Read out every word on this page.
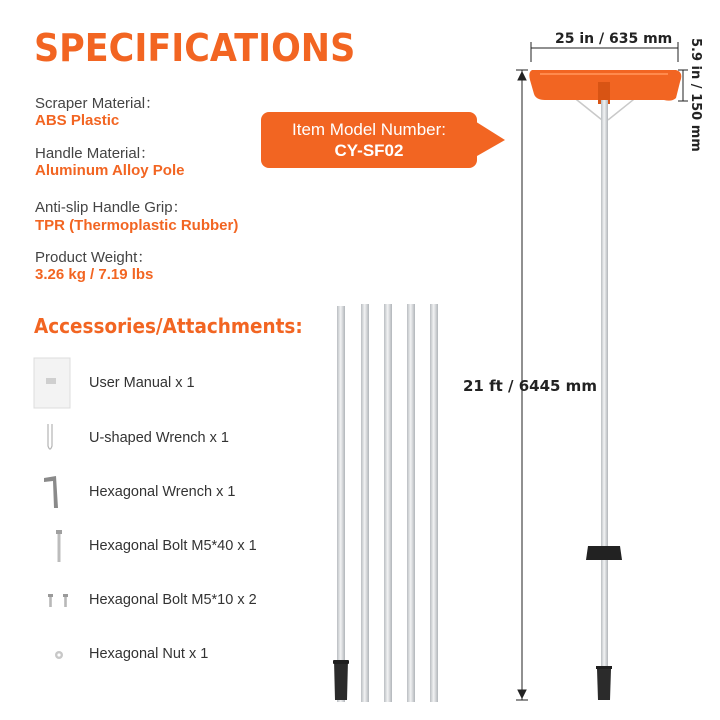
SPECIFICATIONS
Scraper Material：
ABS Plastic
Handle Material：
Aluminum Alloy Pole
Anti-slip Handle Grip：
TPR (Thermoplastic Rubber)
Product Weight：
3.26 kg / 7.19 lbs
Item Model Number:
CY-SF02
Accessories/Attachments:
User Manual x 1
U-shaped Wrench x 1
Hexagonal Wrench x 1
Hexagonal Bolt M5*40 x 1
Hexagonal Bolt M5*10 x 2
Hexagonal Nut x 1
25 in / 635 mm 5.9 in / 150 mm
21 ft / 6445 mm
